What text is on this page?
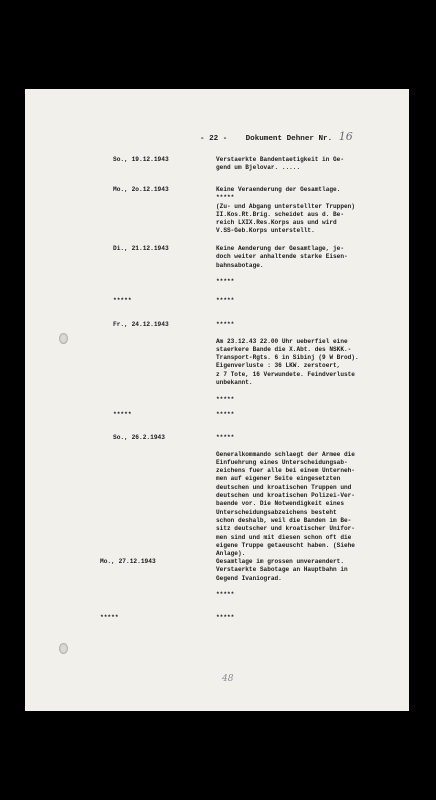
- 22 - Dokument Dehner Nr. 16
So., 19.12.1943	Verstaerkte Bandentaetigkeit in Ge-
gend um Bjelovar. .....
Mo., 2o.12.1943	Keine Veraenderung der Gesamtlage.
*****
(Zu- und Abgang unterstellter Truppen)
II.Kos.Rt.Brig. scheidet aus d. Be-
reich LXIX.Res.Korps aus und wird
V.SS-Geb.Korps unterstellt.
Di., 21.12.1943	Keine Aenderung der Gesamtlage, je-
doch weiter anhaltende starke Eisen-
bahnsabotage.

*****
*****	*****
Fr., 24.12.1943	*****

Am 23.12.43 22.00 Uhr ueberfiel eine
staerkere Bande die X.Abt. des NSKK.-
Transport-Rgts. 6 in Sibinj (9 W Brod).
Eigenverluste : 36 LKW. zerstoert,
z 7 Tote, 16 Verwundete. Feindverluste
unbekannt.

*****
*****	*****
So., 26.2.1943	*****

Generalkommando schlaegt der Armee die
Einfuehrung eines Unterscheidungsab-
zeichens fuer alle bei einem Unterneh-
men auf eigener Seite eingesetzten
deutschen und kroatischen Truppen und
deutschen und kroatischen Polizei-Ver-
baende vor. Die Notwendigkeit eines
Unterscheidungsabzeichens besteht
schon deshalb, weil die Banden im Be-
sitz deutscher und kroatischer Unifor-
men sind und mit diesen schon oft die
eigene Truppe getaeuscht haben. (Siehe
Anlage).
Mo., 27.12.1943	Gesamtlage im grossen unveraendert.
Verstaerkte Sabotage an Hauptbahn in
Gegend Ivaniograd.

*****
*****	*****
48
